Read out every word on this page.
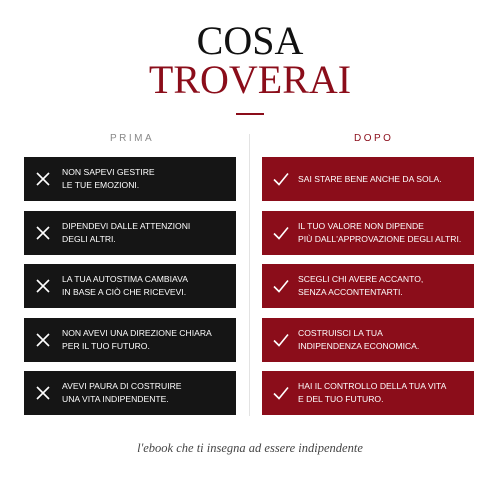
COSA
TROVERAI
PRIMA	DOPO
NON SAPEVI GESTIRE
LE TUE EMOZIONI.
DIPENDEVI DALLE ATTENZIONI
DEGLI ALTRI.
LA TUA AUTOSTIMA CAMBIAVA
IN BASE A CIÒ CHE RICEVEVI.
NON AVEVI UNA DIREZIONE CHIARA
PER IL TUO FUTURO.
AVEVI PAURA DI COSTRUIRE
UNA VITA INDIPENDENTE.
SAI STARE BENE ANCHE DA SOLA.
IL TUO VALORE NON DIPENDE
PIÙ DALL'APPROVAZIONE DEGLI ALTRI.
SCEGLI CHI AVERE ACCANTO,
SENZA ACCONTENTARTI.
COSTRUISCI LA TUA
INDIPENDENZA ECONOMICA.
HAI IL CONTROLLO DELLA TUA VITA
E DEL TUO FUTURO.
l'ebook che ti insegna ad essere indipendente
